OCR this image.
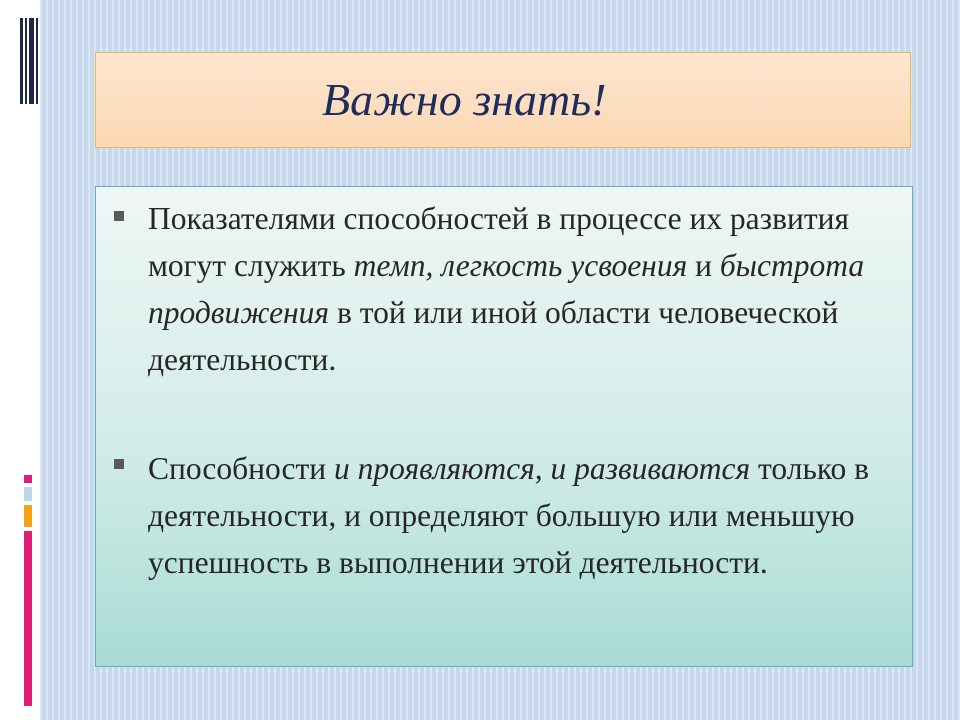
Важно знать!

Показателями способностей в процессе их развития могут служить темп, легкость усвоения и быстрота продвижения в той или иной области человеческой деятельности.

Способности и проявляются, и развиваются только в деятельности, и определяют большую или меньшую успешность в выполнении этой деятельности.
